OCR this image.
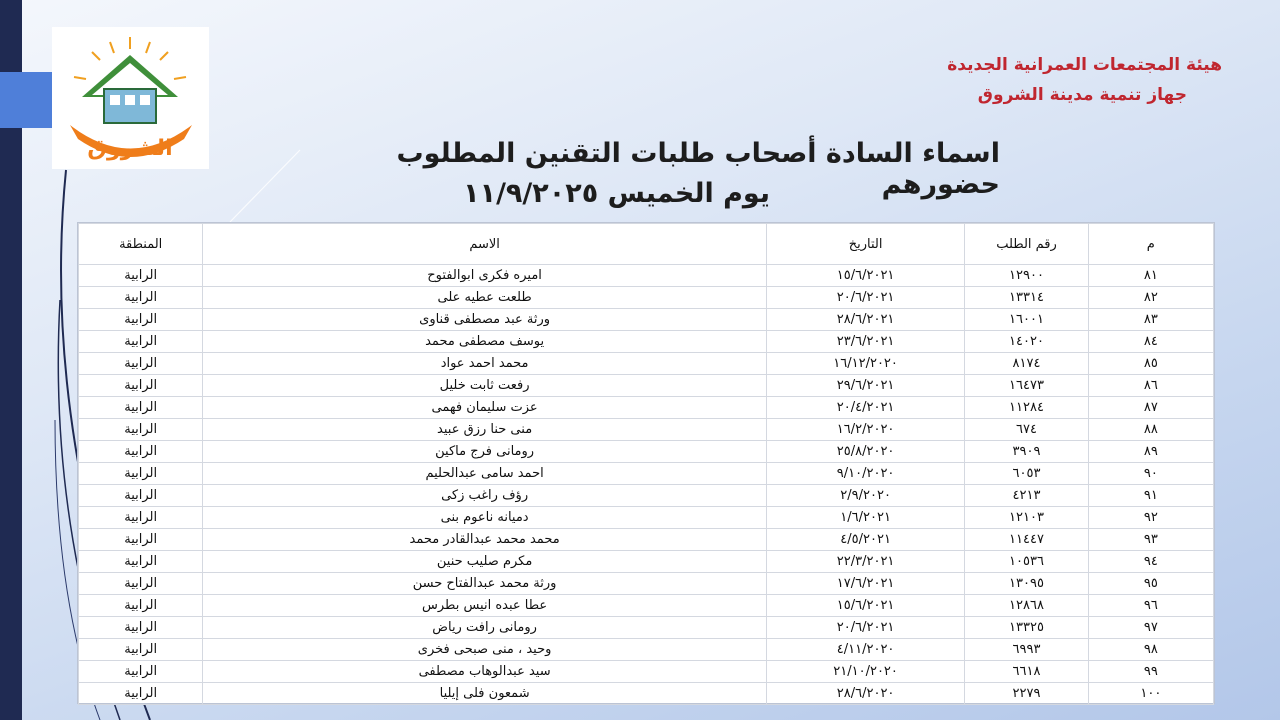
الشروق
هيئة المجتمعات العمرانية الجديدة
جهاز تنمية مدينة الشروق
اسماء السادة أصحاب طلبات التقنين المطلوب حضورهم
يوم الخميس ١١/٩/٢٠٢٥
م	رقم الطلب	التاريخ	الاسم	المنطقة
٨١	١٢٩٠٠	١٥/٦/٢٠٢١	اميره فكرى ابوالفتوح	الرابية
٨٢	١٣٣١٤	٢٠/٦/٢٠٢١	طلعت عطيه على	الرابية
٨٣	١٦٠٠١	٢٨/٦/٢٠٢١	ورثة عبد مصطفى قناوى	الرابية
٨٤	١٤٠٢٠	٢٣/٦/٢٠٢١	يوسف مصطفى محمد	الرابية
٨٥	٨١٧٤	١٦/١٢/٢٠٢٠	محمد احمد عواد	الرابية
٨٦	١٦٤٧٣	٢٩/٦/٢٠٢١	رفعت ثابت خليل	الرابية
٨٧	١١٢٨٤	٢٠/٤/٢٠٢١	عزت سليمان فهمى	الرابية
٨٨	٦٧٤	١٦/٢/٢٠٢٠	منى حنا رزق عبيد	الرابية
٨٩	٣٩٠٩	٢٥/٨/٢٠٢٠	رومانى فرج ماكين	الرابية
٩٠	٦٠٥٣	٩/١٠/٢٠٢٠	احمد سامى عبدالحليم	الرابية
٩١	٤٢١٣	٢/٩/٢٠٢٠	رؤف راغب زكى	الرابية
٩٢	١٢١٠٣	١/٦/٢٠٢١	دميانه ناعوم بنى	الرابية
٩٣	١١٤٤٧	٤/٥/٢٠٢١	محمد محمد عبدالقادر محمد	الرابية
٩٤	١٠٥٣٦	٢٢/٣/٢٠٢١	مكرم صليب حنين	الرابية
٩٥	١٣٠٩٥	١٧/٦/٢٠٢١	ورثة محمد عبدالفتاح حسن	الرابية
٩٦	١٢٨٦٨	١٥/٦/٢٠٢١	عطا عبده انيس بطرس	الرابية
٩٧	١٣٣٢٥	٢٠/٦/٢٠٢١	رومانى رافت رياض	الرابية
٩٨	٦٩٩٣	٤/١١/٢٠٢٠	وحيد ، منى صبحى فخرى	الرابية
٩٩	٦٦١٨	٢١/١٠/٢٠٢٠	سيد عبدالوهاب مصطفى	الرابية
١٠٠	٢٢٧٩	٢٨/٦/٢٠٢٠	شمعون فلى إيليا	الرابية
